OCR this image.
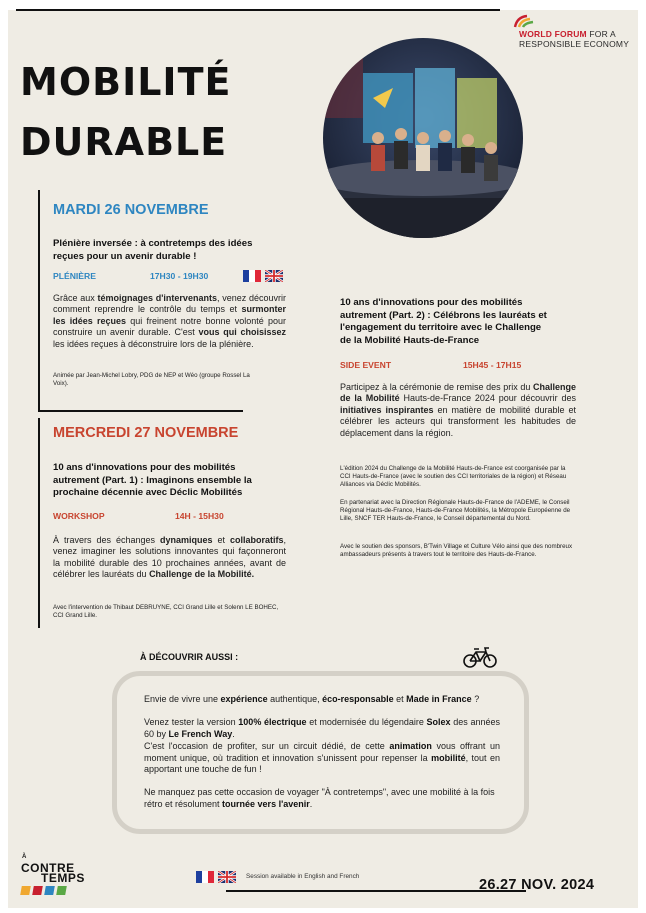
WORLD FORUM FOR A
RESPONSIBLE ECONOMY
MOBILITÉ
DURABLE
MARDI 26 NOVEMBRE
Plénière inversée : à contretemps des idées
reçues pour un avenir durable !
PLÉNIÈRE	17H30 - 19H30
Grâce aux témoignages d'intervenants, venez découvrir comment reprendre le contrôle du temps et surmonter les idées reçues qui freinent notre bonne volonté pour construire un avenir durable. C'est vous qui choisissez les idées reçues à déconstruire lors de la plénière.
Animée par Jean-Michel Lobry, PDG de NEP et Wéo (groupe Rossel La Voix).
MERCREDI 27 NOVEMBRE
10 ans d'innovations pour des mobilités
autrement (Part. 1) : Imaginons ensemble la
prochaine décennie avec Déclic Mobilités
WORKSHOP	14H - 15H30
À travers des échanges dynamiques et collaboratifs, venez imaginer les solutions innovantes qui façonneront la mobilité durable des 10 prochaines années, avant de célébrer les lauréats du Challenge de la Mobilité.
Avec l'intervention de Thibaut DEBRUYNE, CCI Grand Lille et Solenn LE BOHEC, CCI Grand Lille.
10 ans d'innovations pour des mobilités
autrement (Part. 2) : Célébrons les lauréats et
l'engagement du territoire avec le Challenge
de la Mobilité Hauts-de-France
SIDE EVENT	15H45 - 17H15
Participez à la cérémonie de remise des prix du Challenge de la Mobilité Hauts-de-France 2024 pour découvrir des initiatives inspirantes en matière de mobilité durable et célébrer les acteurs qui transforment les habitudes de déplacement dans la région.
L'édition 2024 du Challenge de la Mobilité Hauts-de-France est coorganisée par la CCI Hauts-de-France (avec le soutien des CCI territoriales de la région) et Réseau Alliances via Déclic Mobilités.
En partenariat avec la Direction Régionale Hauts-de-France de l'ADEME, le Conseil Régional Hauts-de-France, Hauts-de-France Mobilités, la Métropole Européenne de Lille, SNCF TER Hauts-de-France, le Conseil départemental du Nord.
Avec le soutien des sponsors, B'Twin Village et Culture Vélo ainsi que des nombreux ambassadeurs présents à travers tout le territoire des Hauts-de-France.
À DÉCOUVRIR AUSSI :
Envie de vivre une expérience authentique, éco-responsable et Made in France ?
Venez tester la version 100% électrique et modernisée du légendaire Solex des années 60 by Le French Way.
C'est l'occasion de profiter, sur un circuit dédié, de cette animation vous offrant un moment unique, où tradition et innovation s'unissent pour repenser la mobilité, tout en apportant une touche de fun !
Ne manquez pas cette occasion de voyager "À contretemps", avec une mobilité à la fois rétro et résolument tournée vers l'avenir.
À
CONTRE
TEMPS	Session available in English and French
26.27 NOV. 2024
